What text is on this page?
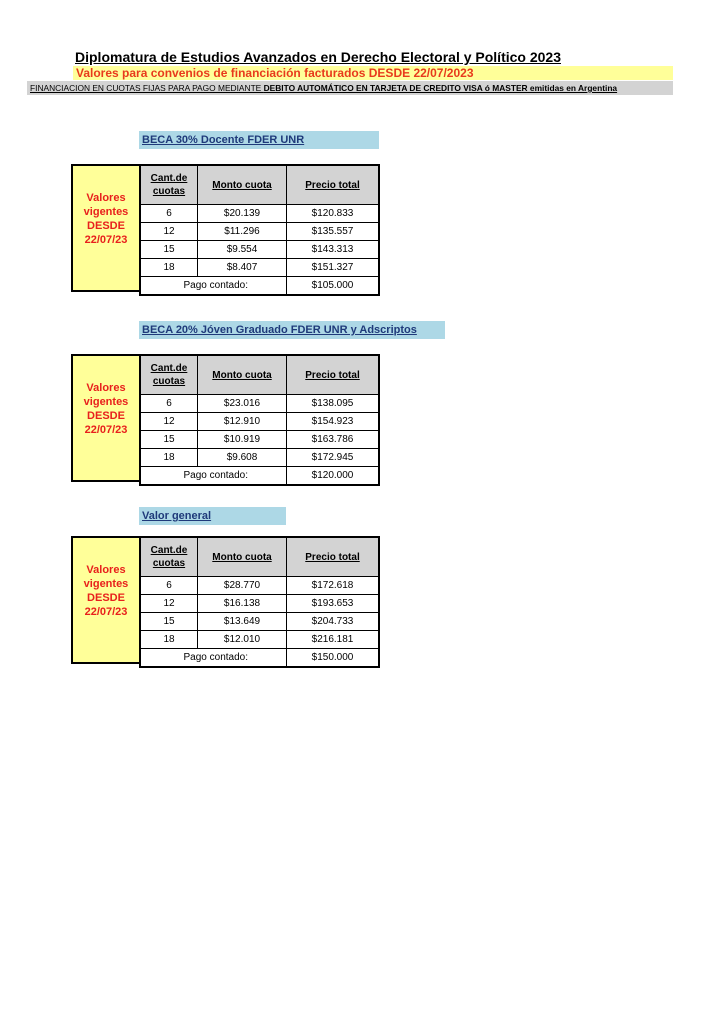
Diplomatura de Estudios Avanzados en Derecho Electoral y Político 2023
Valores para convenios de financiación facturados DESDE 22/07/2023
FINANCIACION EN CUOTAS FIJAS PARA PAGO MEDIANTE DEBITO AUTOMÁTICO EN TARJETA DE CREDITO VISA ó MASTER emitidas en Argentina
BECA 30% Docente FDER UNR
Valores
vigentes
DESDE
22/07/23
Cant.de cuotas	Monto cuota	Precio total
6	$20.139	$120.833
12	$11.296	$135.557
15	$9.554	$143.313
18	$8.407	$151.327
Pago contado:		$105.000
BECA 20% Jóven Graduado FDER UNR y Adscriptos
Valores
vigentes
DESDE
22/07/23
Cant.de cuotas	Monto cuota	Precio total
6	$23.016	$138.095
12	$12.910	$154.923
15	$10.919	$163.786
18	$9.608	$172.945
Pago contado:		$120.000
Valor general
Valores
vigentes
DESDE
22/07/23
Cant.de cuotas	Monto cuota	Precio total
6	$28.770	$172.618
12	$16.138	$193.653
15	$13.649	$204.733
18	$12.010	$216.181
Pago contado:		$150.000
